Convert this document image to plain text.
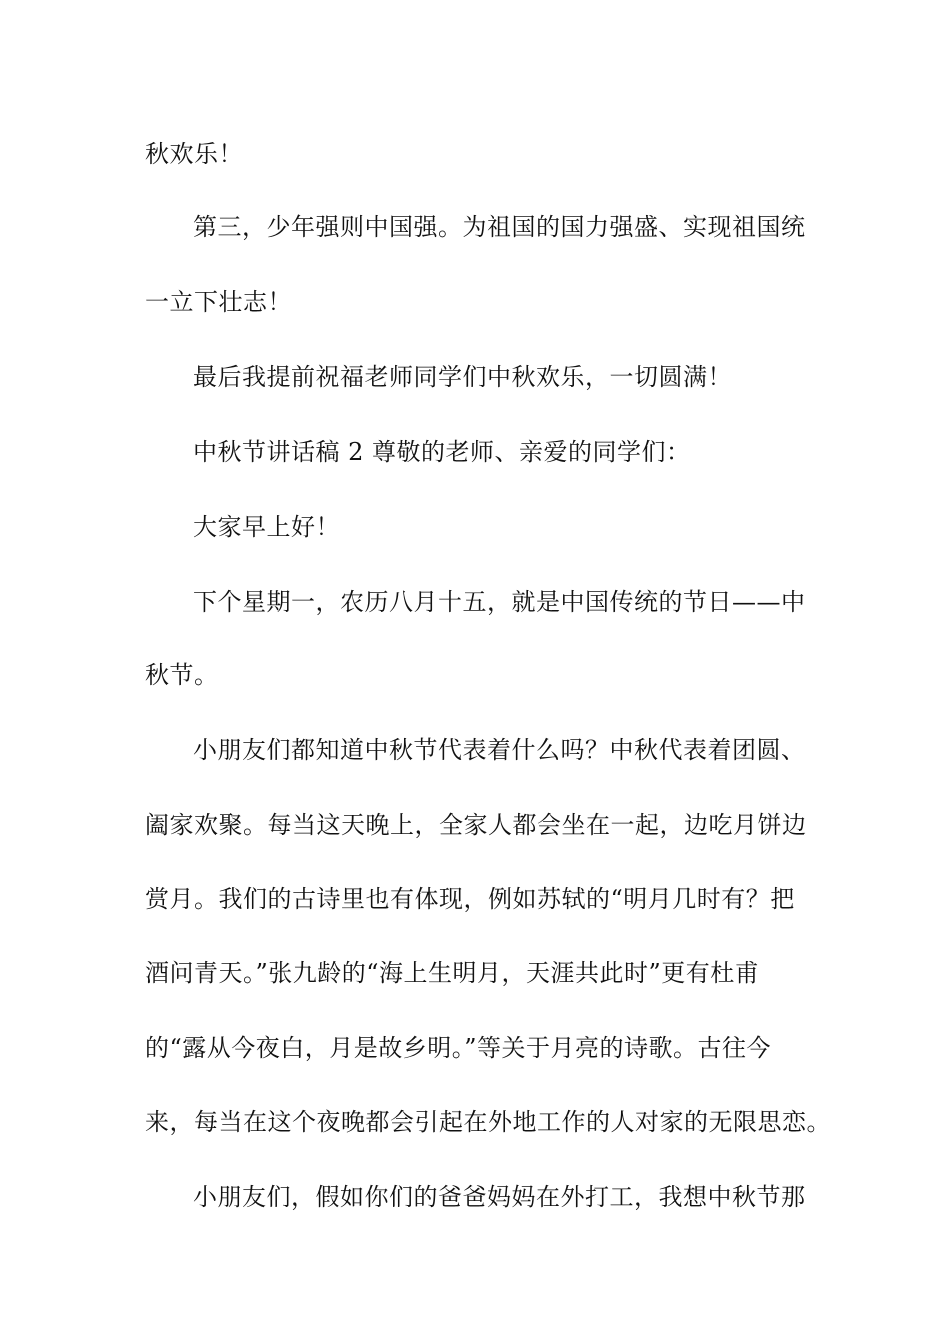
秋欢乐！
第三，少年强则中国强。为祖国的国力强盛、实现祖国统
一立下壮志！
最后我提前祝福老师同学们中秋欢乐，一切圆满！
中秋节讲话稿 2 尊敬的老师、亲爱的同学们：
大家早上好！
下个星期一，农历八月十五，就是中国传统的节日——中
秋节。
小朋友们都知道中秋节代表着什么吗？中秋代表着团圆、
阖家欢聚。每当这天晚上，全家人都会坐在一起，边吃月饼边
赏月。我们的古诗里也有体现，例如苏轼的“明月几时有？把
酒问青天。”张九龄的“海上生明月，天涯共此时”更有杜甫
的“露从今夜白，月是故乡明。”等关于月亮的诗歌。古往今
来，每当在这个夜晚都会引起在外地工作的人对家的无限思恋。
小朋友们，假如你们的爸爸妈妈在外打工，我想中秋节那
